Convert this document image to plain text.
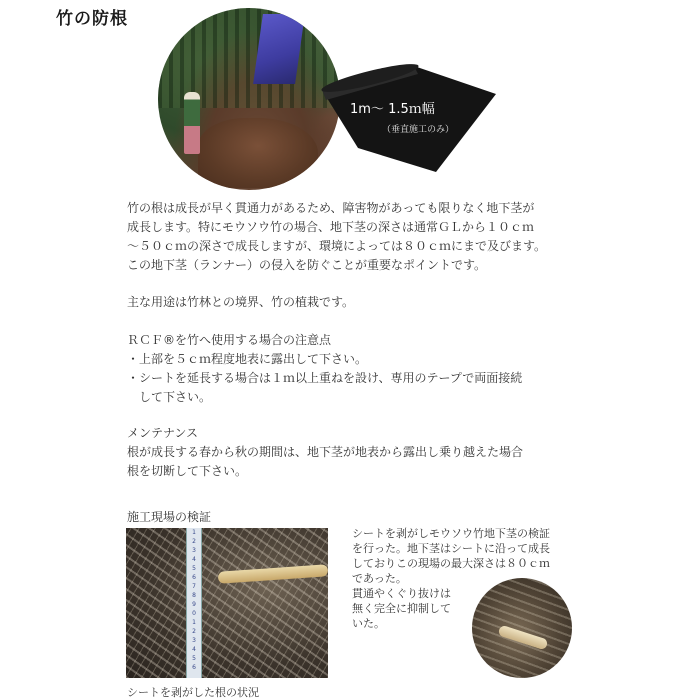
竹の防根
1m～ 1.5ｍ幅
（垂直施工のみ）
竹の根は成長が早く貫通力があるため、障害物があっても限りなく地下茎が
成長します。特にモウソウ竹の場合、地下茎の深さは通常ＧＬから１０ｃｍ
～５０ｃｍの深さで成長しますが、環境によっては８０ｃｍにまで及びます。
この地下茎（ランナー）の侵入を防ぐことが重要なポイントです。
主な用途は竹林との境界、竹の植栽です。
ＲＣＦ®を竹へ使用する場合の注意点
・上部を５ｃｍ程度地表に露出して下さい。
・シートを延長する場合は１ｍ以上重ねを設け、専用のテープで両面接続
　して下さい。
メンテナンス
根が成長する春から秋の期間は、地下茎が地表から露出し乗り越えた場合
根を切断して下さい。
施工現場の検証
1
2
3
4
5
6
7
8
9
0
1
2
3
4
5
6
シートを剥がした根の状況
シートを剥がしモウソウ竹地下茎の検証
を行った。地下茎はシートに沿って成長
しておりこの現場の最大深さは８０ｃｍ
であった。
貫通やくぐり抜けは
無く完全に抑制して
いた。
